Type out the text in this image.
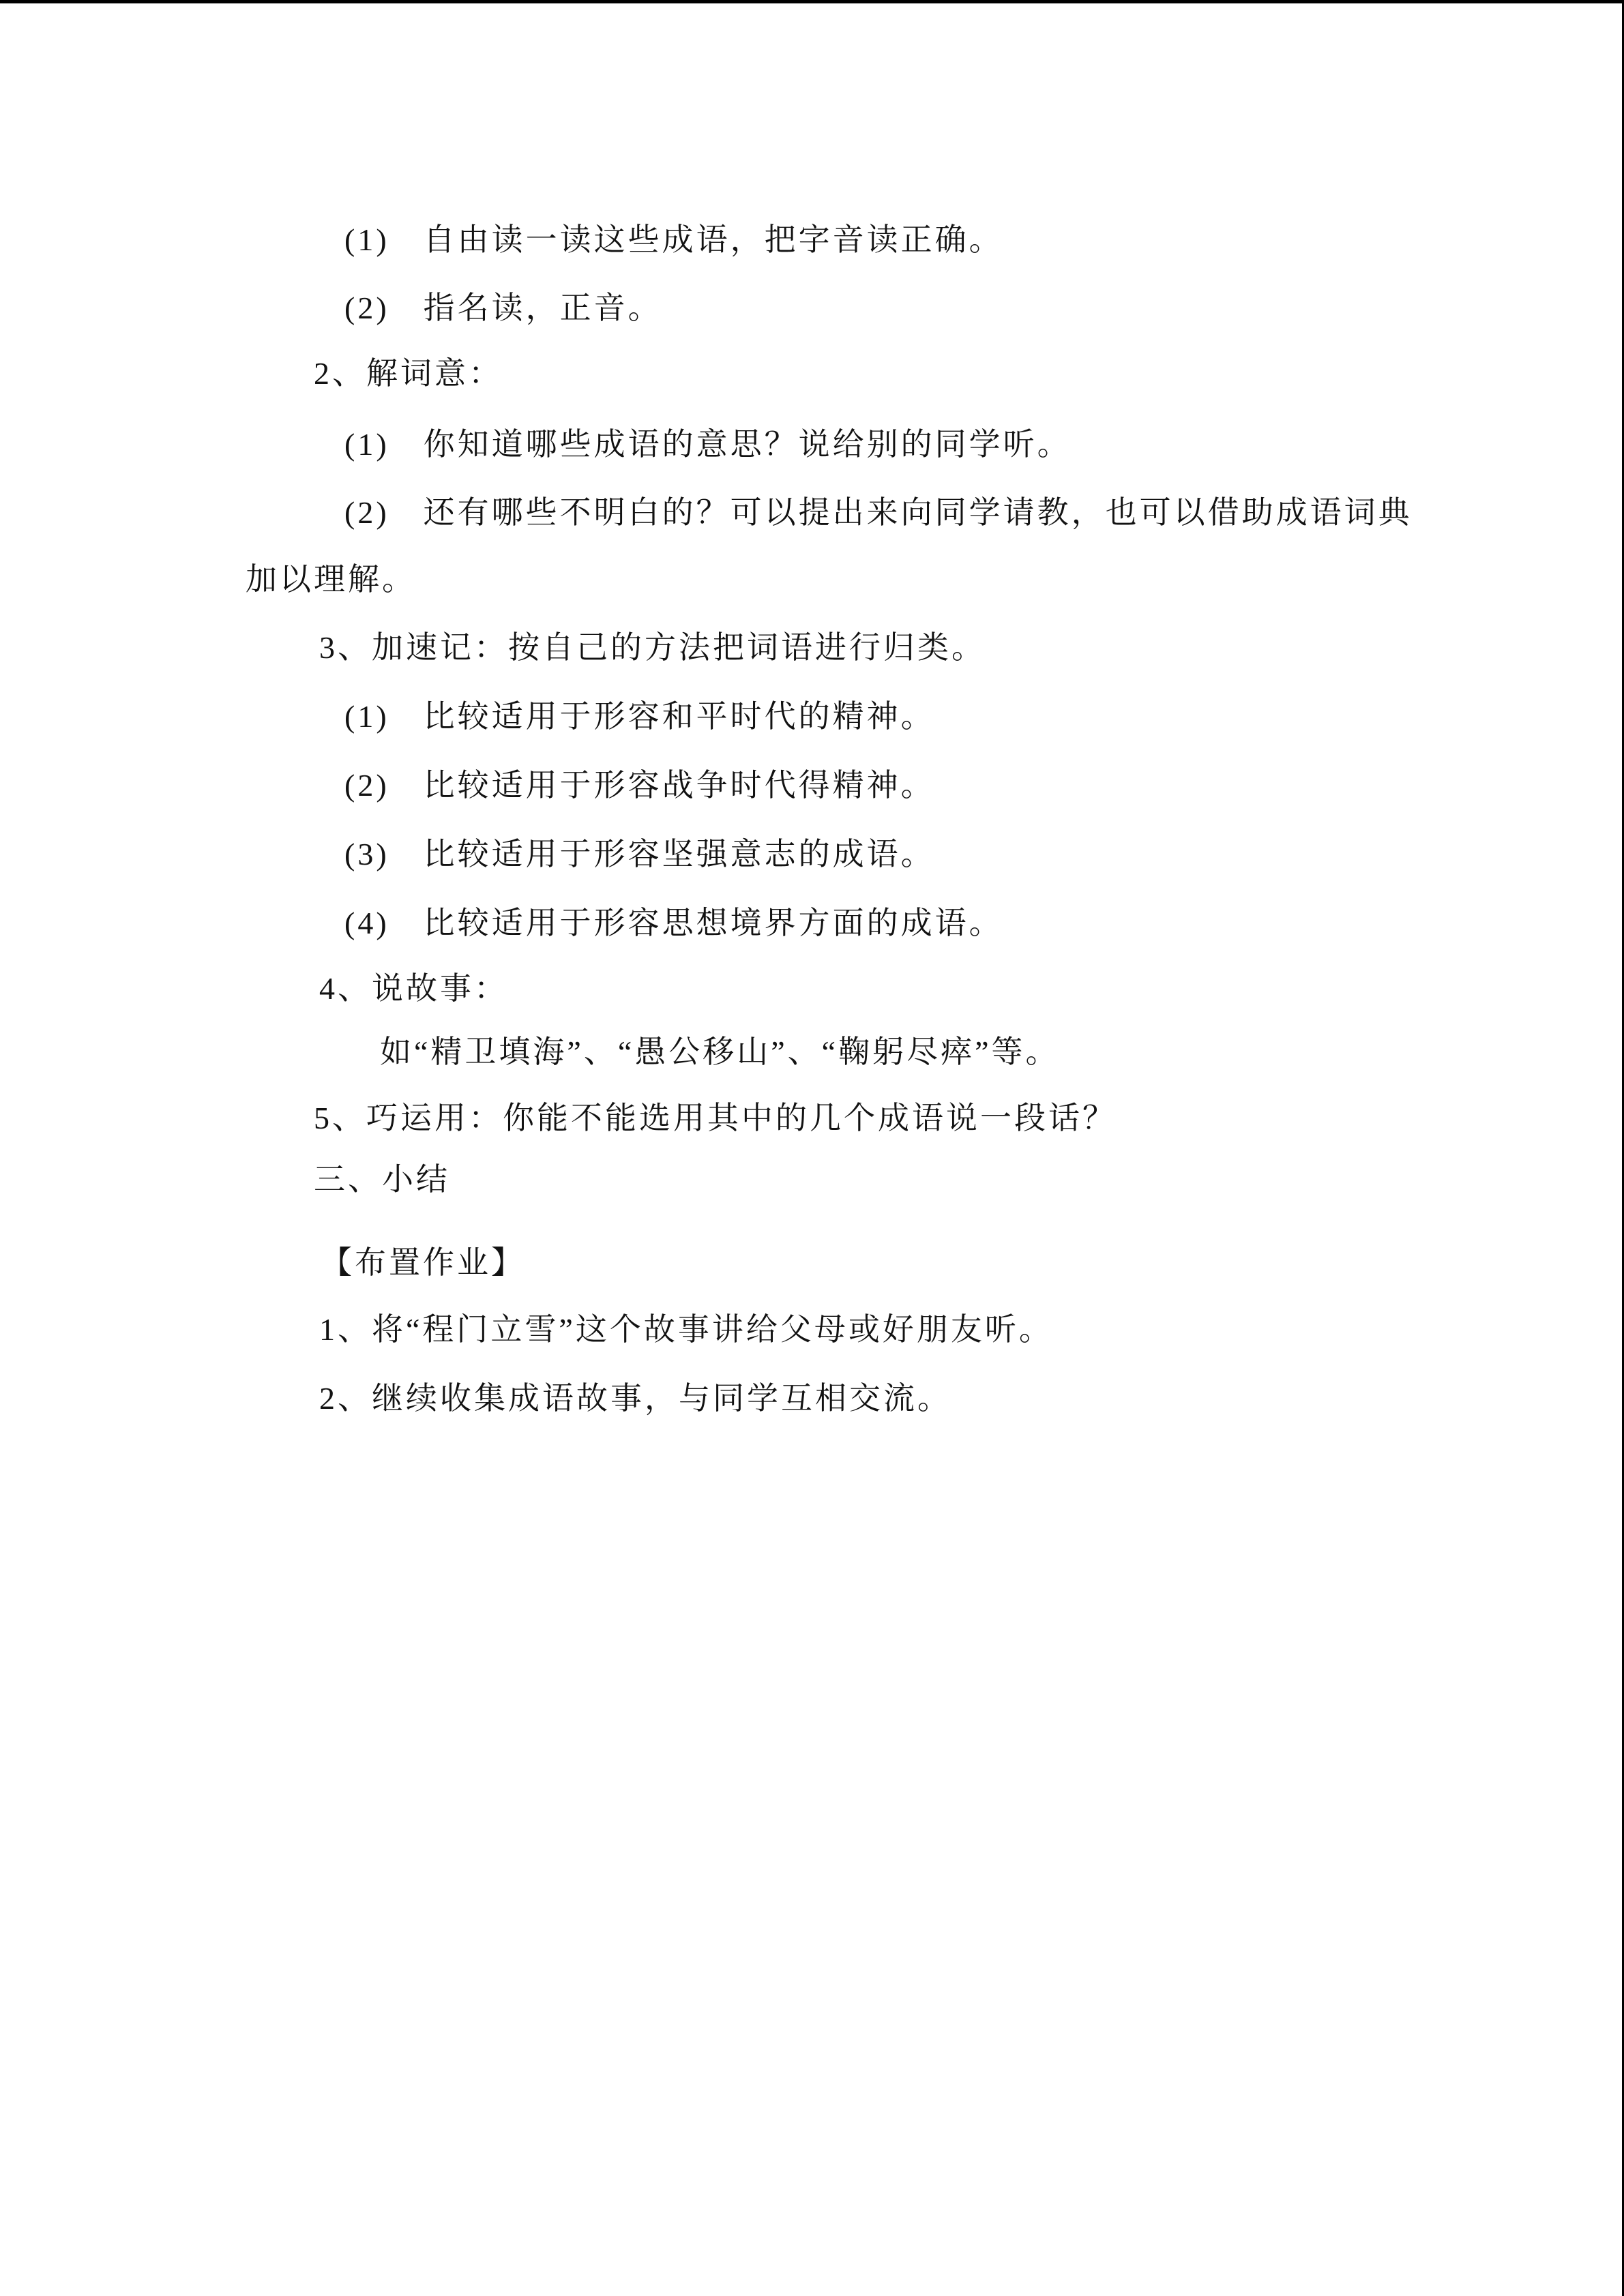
(1)　自由读一读这些成语，把字音读正确。
(2)　指名读，正音。
2、解词意：
(1)　你知道哪些成语的意思？说给别的同学听。
(2)　还有哪些不明白的？可以提出来向同学请教，也可以借助成语词典
加以理解。
3、加速记：按自己的方法把词语进行归类。
(1)　比较适用于形容和平时代的精神。
(2)　比较适用于形容战争时代得精神。
(3)　比较适用于形容坚强意志的成语。
(4)　比较适用于形容思想境界方面的成语。
4、说故事：
如“精卫填海”、“愚公移山”、“鞠躬尽瘁”等。
5、巧运用：你能不能选用其中的几个成语说一段话？
三、小结
【布置作业】
1、将“程门立雪”这个故事讲给父母或好朋友听。
2、继续收集成语故事，与同学互相交流。
